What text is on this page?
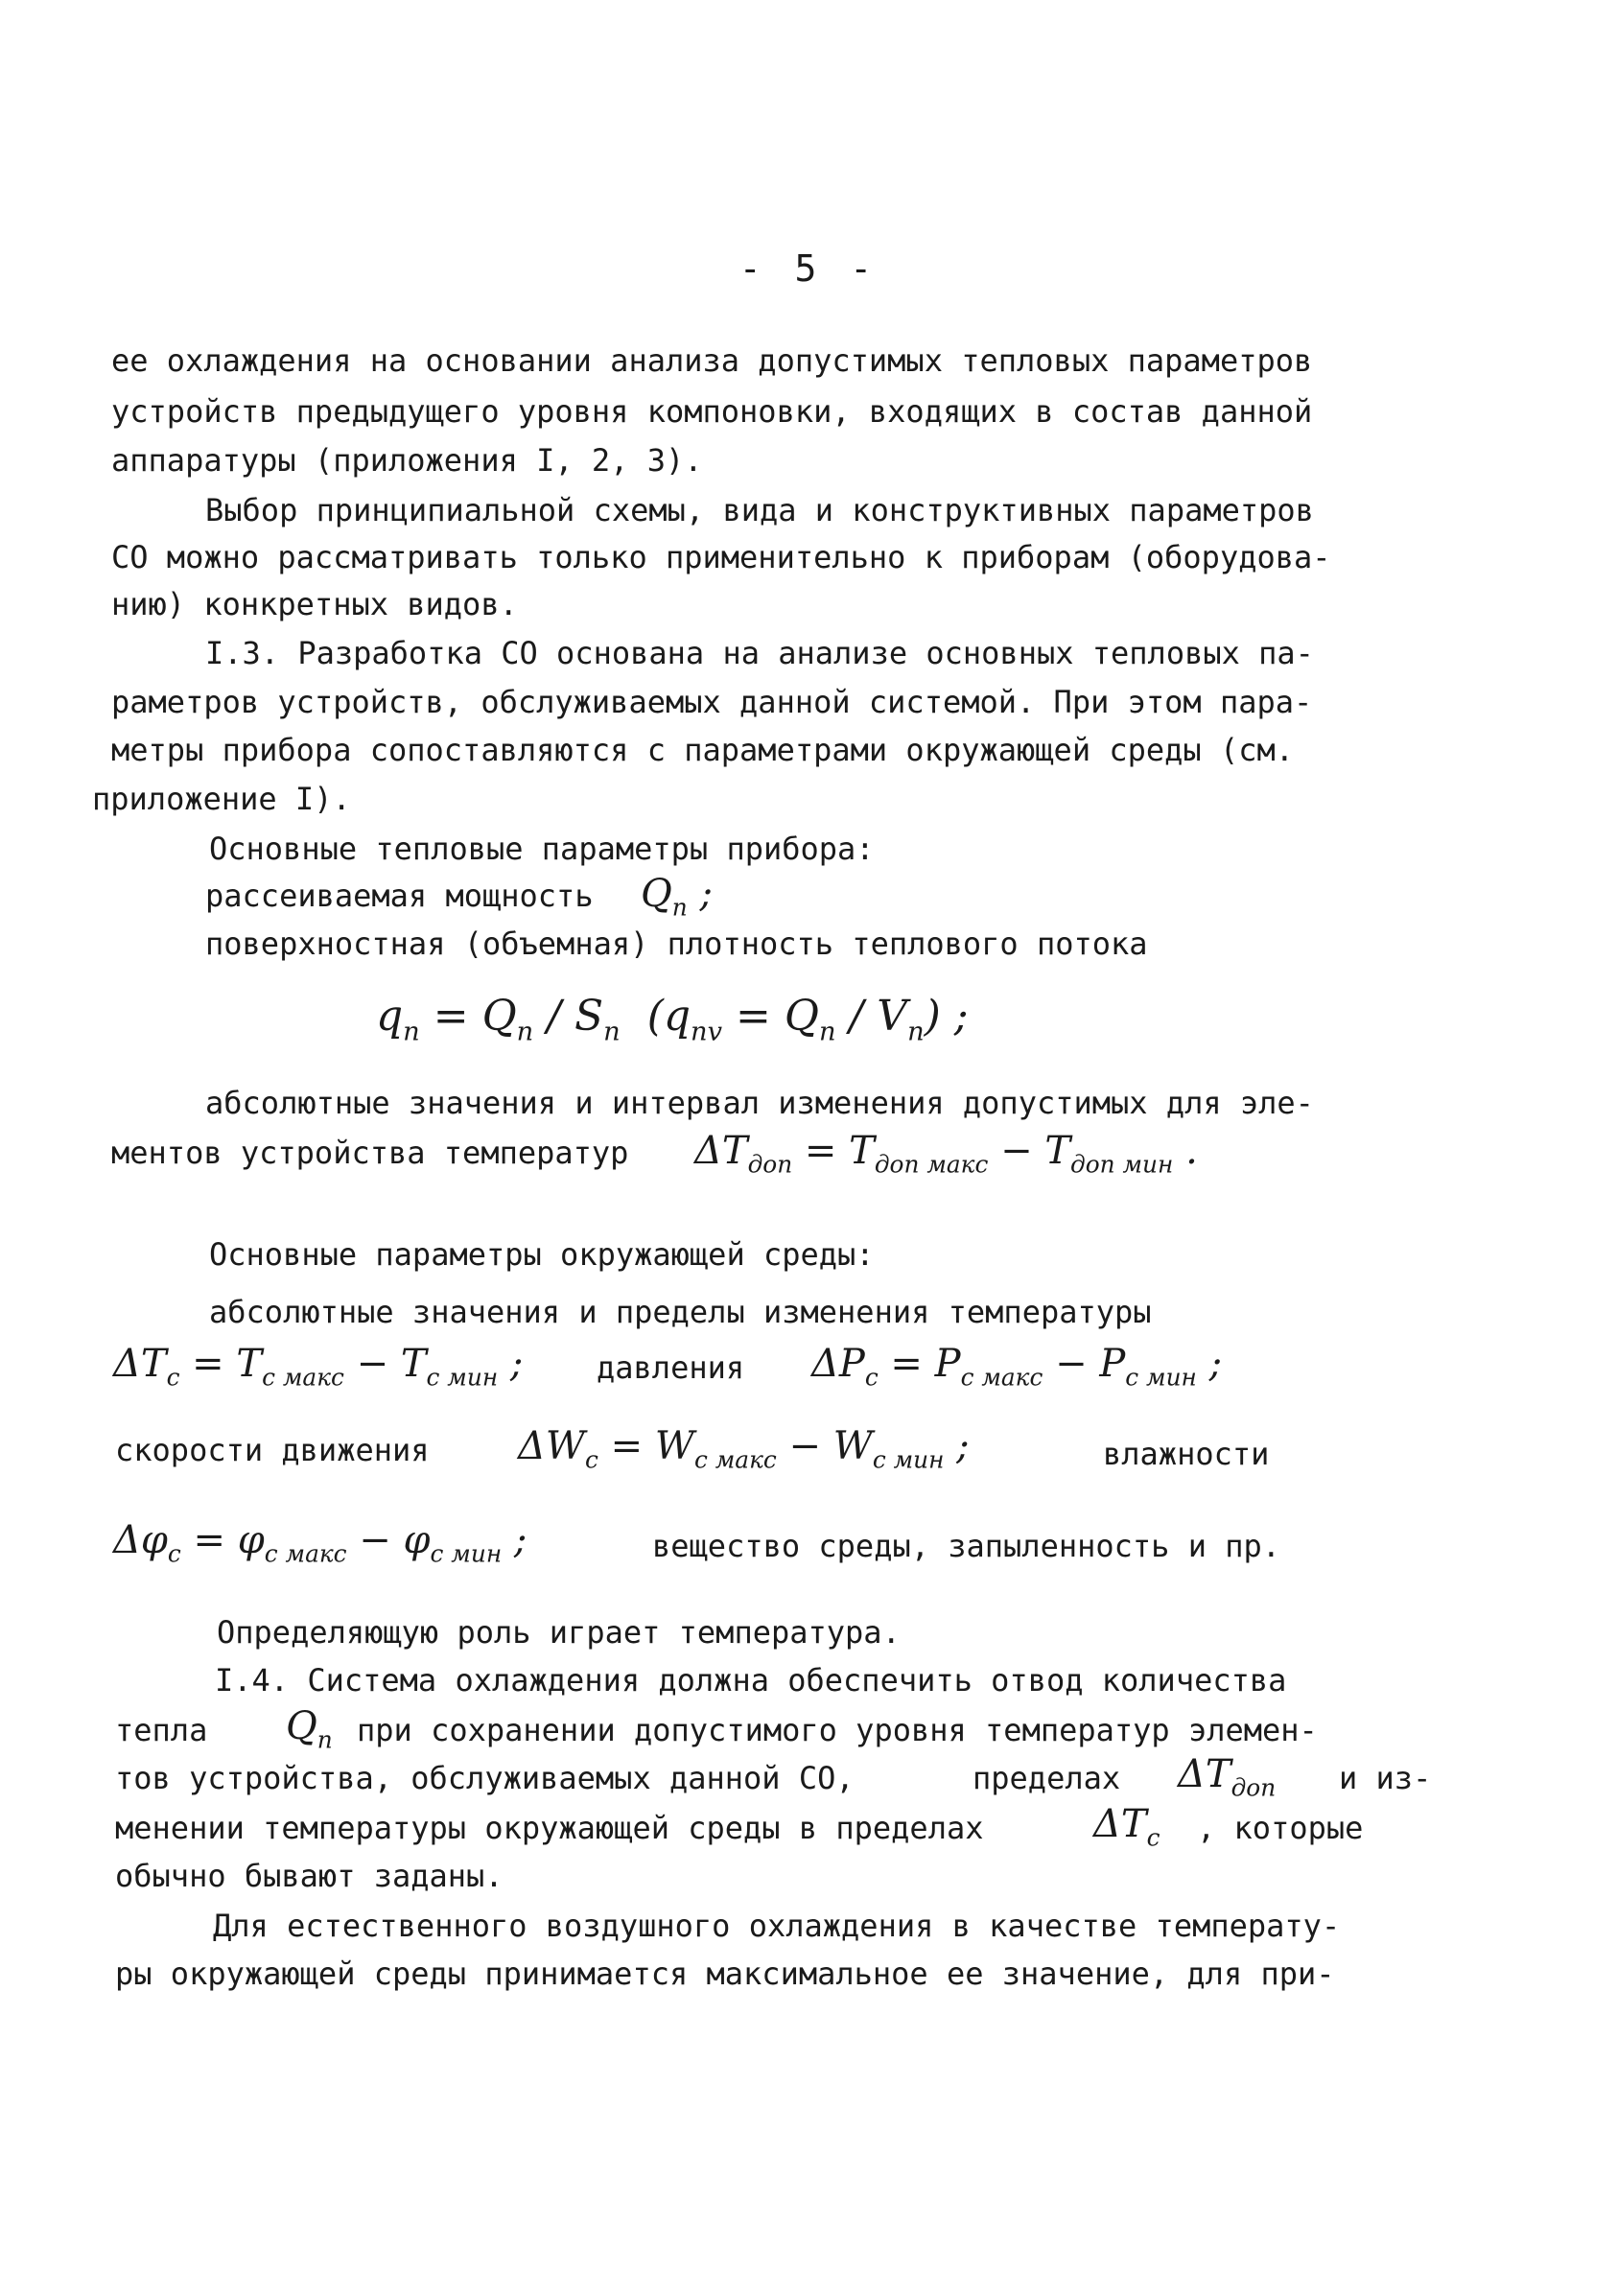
- 5 -
ее охлаждения на основании анализа допустимых тепловых параметров
устройств предыдущего уровня компоновки, входящих в состав данной
аппаратуры (приложения I, 2, 3).
Выбор принципиальной схемы, вида и конструктивных параметров
СО можно рассматривать только применительно к приборам (оборудова-
нию) конкретных видов.
I.3. Разработка СО основана на анализе основных тепловых па-
раметров устройств, обслуживаемых данной системой. При этом пара-
метры прибора сопоставляются с параметрами окружающей среды (см.
приложение I).
Основные тепловые параметры прибора:
рассеиваемая мощность $Q_п$ ;
поверхностная (объемная) плотность теплового потока
$q_п = Q_п / S_п$  $(q_{пv} = Q_п / V_п)$ ;
абсолютные значения и интервал изменения допустимых для эле-
ментов устройства температур $\Delta T_{доп} = T_{доп макс} - T_{доп мин}$ .
Основные параметры окружающей среды:
абсолютные значения и пределы изменения температуры
$\Delta T_c = T_{c макс} - T_{c мин}$ ; давления $\Delta P_c = P_{c макс} - P_{c мин}$ ;
скорости движения $\Delta W_c = W_{c макс} - W_{c мин}$ ;	влажности
$\Delta\varphi_c = \varphi_{c макс} - \varphi_{c мин}$ ;	вещество среды, запыленность и пр.
Определяющую роль играет температура.
I.4. Система охлаждения должна обеспечить отвод количества
тепла $Q_п$ при сохранении допустимого уровня температур элемен-
тов устройства, обслуживаемых данной СО,	пределах $\Delta T_{доп}$ и из-
менении температуры окружающей среды в пределах	$\Delta T_c$ , которые
обычно бывают заданы.
Для естественного воздушного охлаждения в качестве температу-
ры окружающей среды принимается максимальное ее значение, для при-
